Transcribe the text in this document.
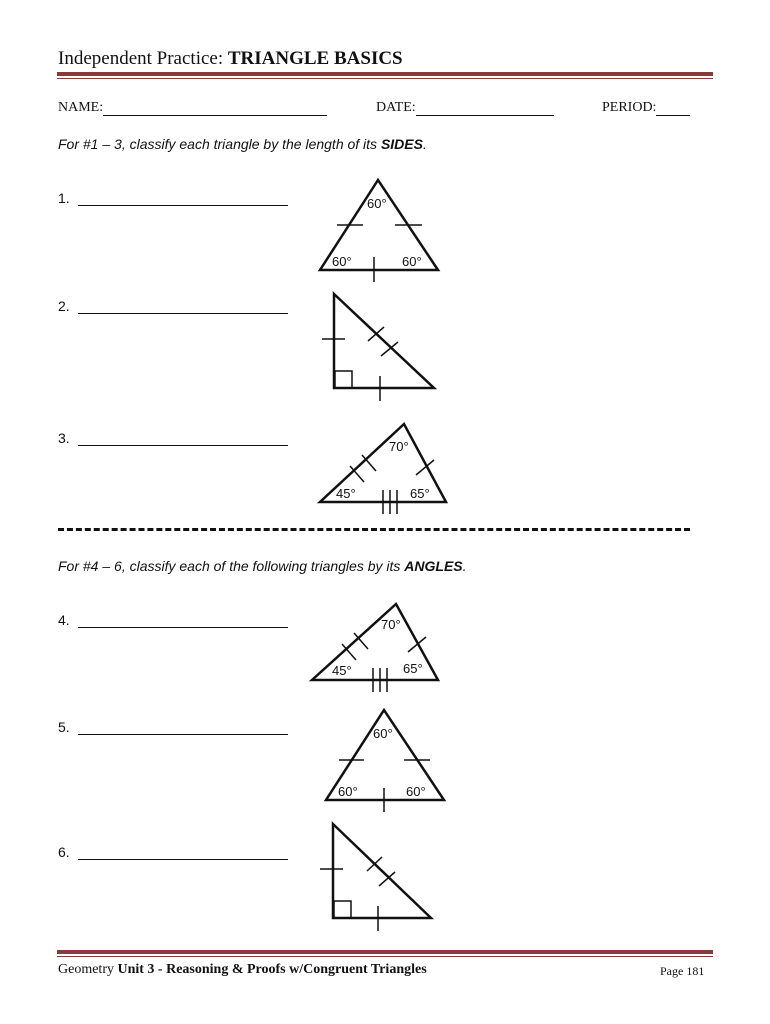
Independent Practice: TRIANGLE BASICS
NAME:	DATE:	PERIOD:
For #1 – 3, classify each triangle by the length of its SIDES.
1.	60°
60°	60°
2.
3.
70°
45°	65°
For #4 – 6, classify each of the following triangles by its ANGLES.
4.	70°
45°	65°
5.	60°
60°	60°
6.
Geometry Unit 3 - Reasoning & Proofs w/Congruent Triangles	Page 181
